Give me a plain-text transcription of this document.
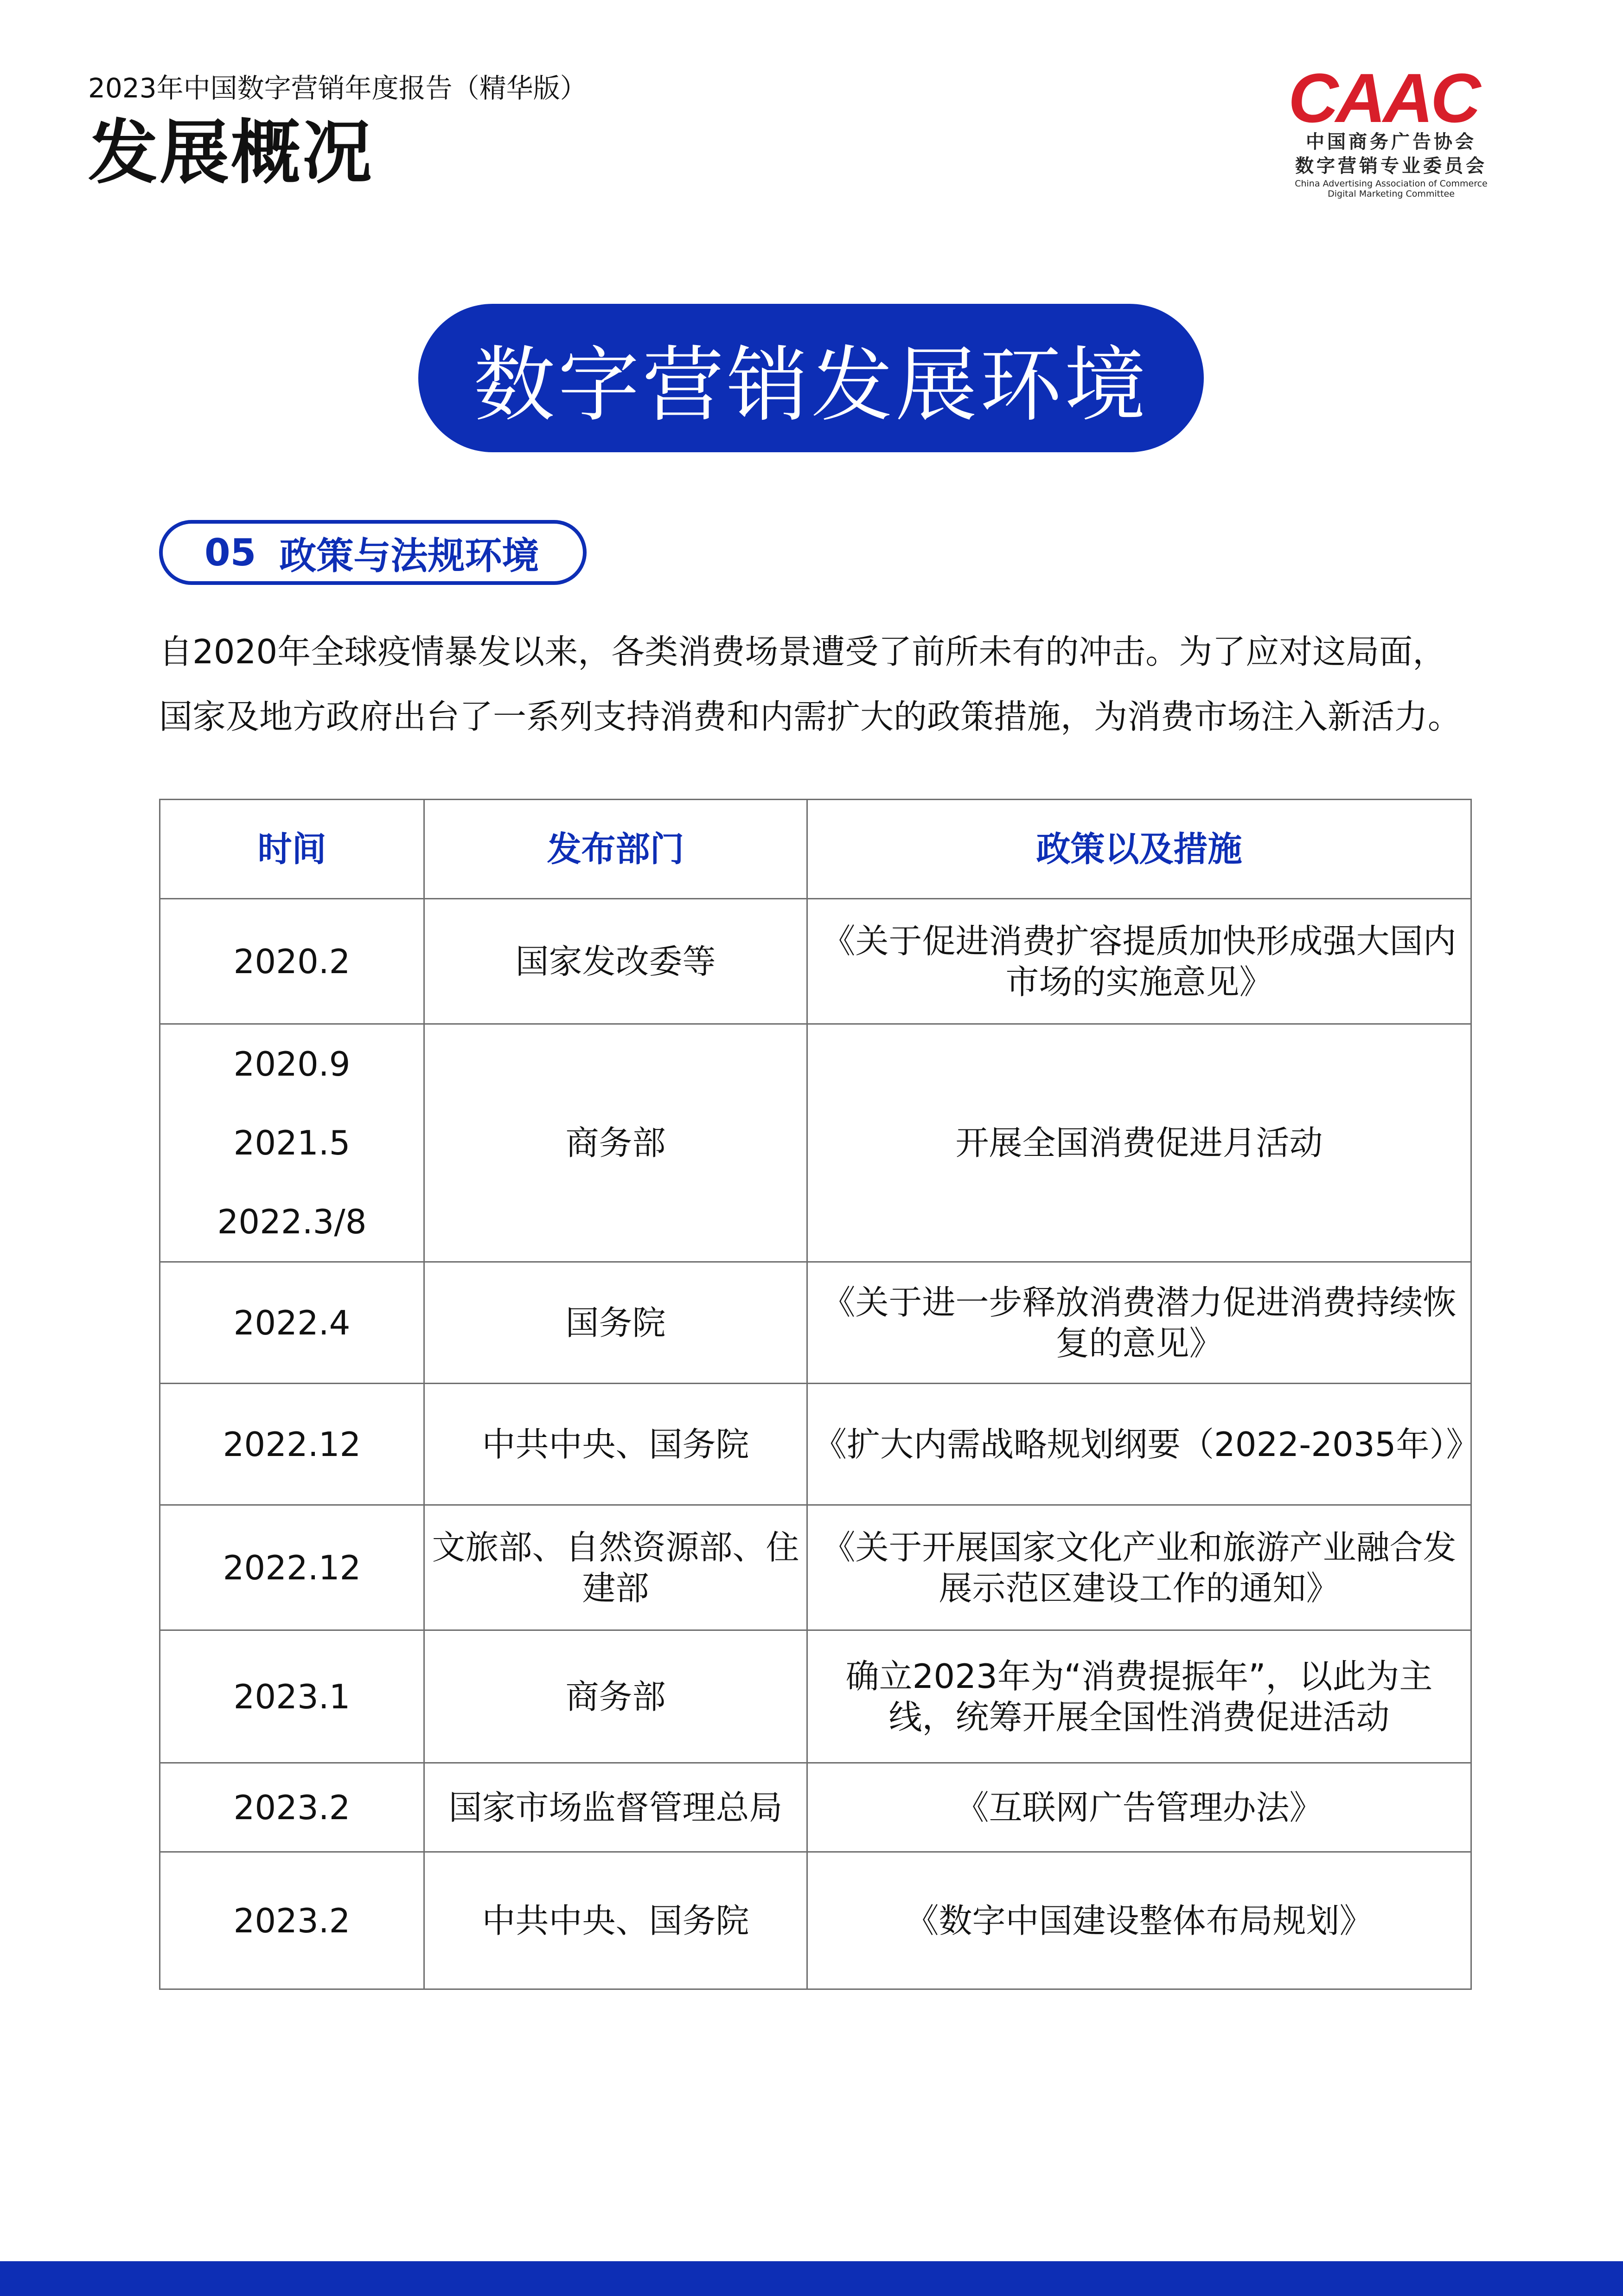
2023年中国数字营销年度报告（精华版）
发展概况
CAAC
中国商务广告协会
数字营销专业委员会
China Advertising Association of Commerce
Digital Marketing Committee
数字营销发展环境
05 政策与法规环境

自2020年全球疫情暴发以来，各类消费场景遭受了前所未有的冲击。为了应对这局面，

国家及地方政府出台了一系列支持消费和内需扩大的政策措施，为消费市场注入新活力。

时间	发布部门	政策以及措施
2020.2	国家发改委等	《关于促进消费扩容提质加快形成强大国内市场的实施意见》

2020.9
2021.5
2022.3/8	商务部	开展全国消费促进月活动
2022.4	国务院	《关于进一步释放消费潜力促进消费持续恢复的意见》
2022.12	中共中央、国务院	《扩大内需战略规划纲要（2022-2035年）》
2022.12	文旅部、自然资源部、住建部	《关于开展国家文化产业和旅游产业融合发展示范区建设工作的通知》
2023.1	商务部	确立2023年为“消费提振年”，以此为主线，统筹开展全国性消费促进活动
2023.2	国家市场监督管理总局	《互联网广告管理办法》
2023.2	中共中央、国务院	《数字中国建设整体布局规划》
